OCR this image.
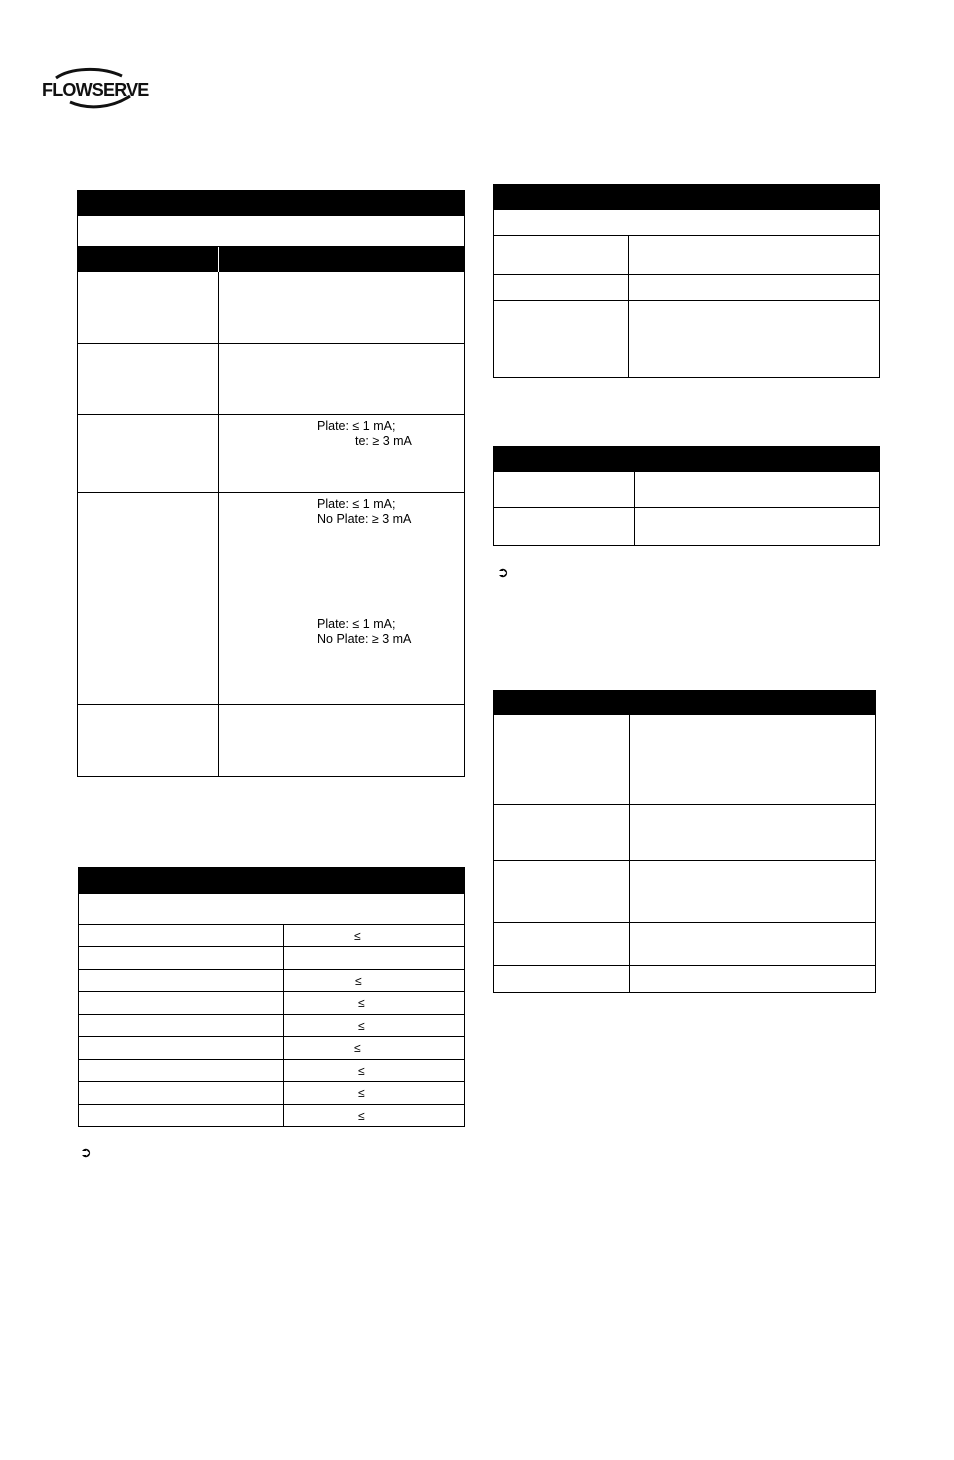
FLOWSERVE
Plate: ≤ 1 mA;
te: ≥ 3 mA
Plate: ≤ 1 mA;
No Plate: ≥ 3 mA
Plate: ≤ 1 mA;
No Plate: ≥ 3 mA
≤
≤
≤
≤
≤
≤
≤
≤
➲
➲
